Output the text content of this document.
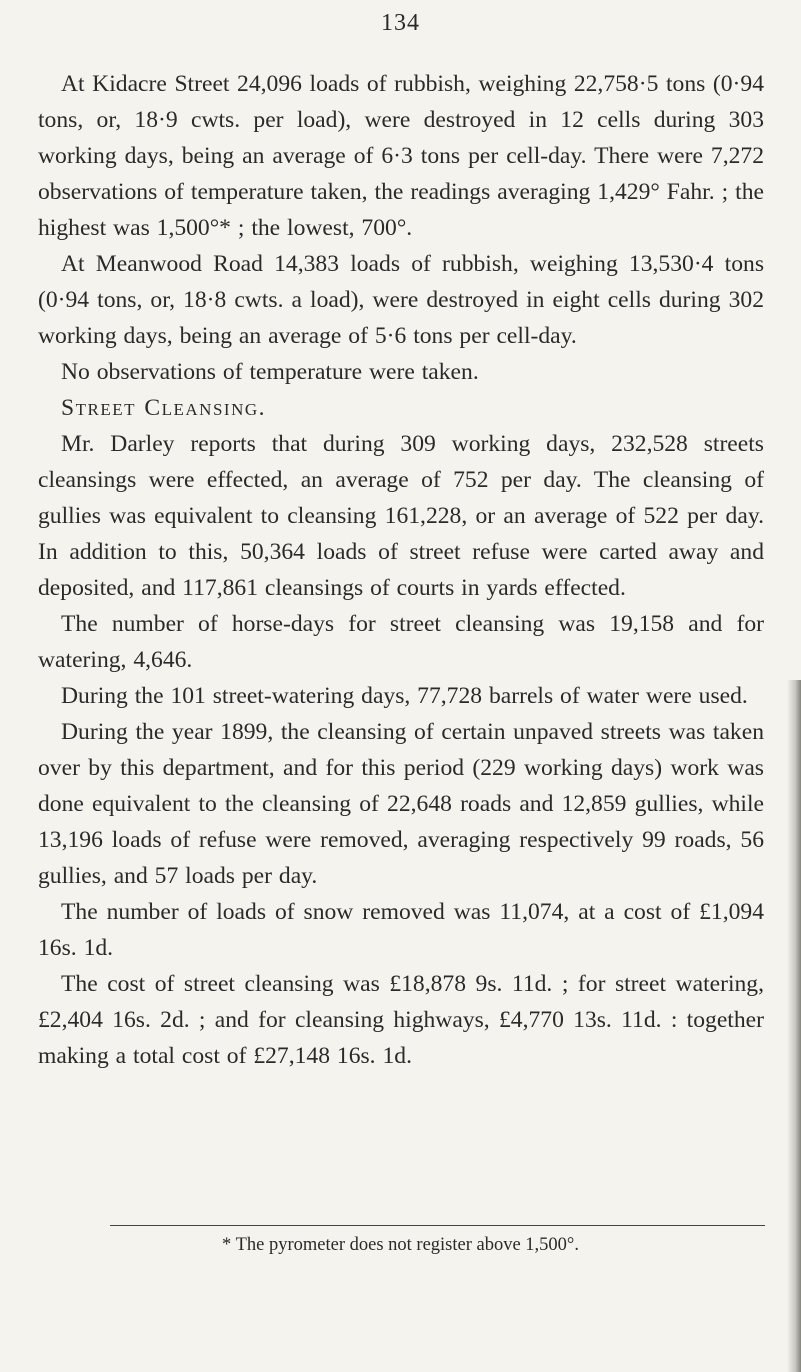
134

At Kidacre Street 24,096 loads of rubbish, weighing 22,758·5 tons (0·94 tons, or, 18·9 cwts. per load), were destroyed in 12 cells during 303 working days, being an average of 6·3 tons per cell-day. There were 7,272 observations of temperature taken, the readings averaging 1,429° Fahr. ; the highest was 1,500°* ; the lowest, 700°.

At Meanwood Road 14,383 loads of rubbish, weighing 13,530·4 tons (0·94 tons, or, 18·8 cwts. a load), were destroyed in eight cells during 302 working days, being an average of 5·6 tons per cell-day.

No observations of temperature were taken.

Street Cleansing.

Mr. Darley reports that during 309 working days, 232,528 streets cleansings were effected, an average of 752 per day. The cleansing of gullies was equivalent to cleansing 161,228, or an average of 522 per day. In addition to this, 50,364 loads of street refuse were carted away and deposited, and 117,861 cleansings of courts in yards effected.

The number of horse-days for street cleansing was 19,158 and for watering, 4,646.

During the 101 street-watering days, 77,728 barrels of water were used.

During the year 1899, the cleansing of certain unpaved streets was taken over by this department, and for this period (229 working days) work was done equivalent to the cleansing of 22,648 roads and 12,859 gullies, while 13,196 loads of refuse were removed, averaging respectively 99 roads, 56 gullies, and 57 loads per day.

The number of loads of snow removed was 11,074, at a cost of £1,094 16s. 1d.

The cost of street cleansing was £18,878 9s. 11d. ; for street watering, £2,404 16s. 2d. ; and for cleansing highways, £4,770 13s. 11d. : together making a total cost of £27,148 16s. 1d.

* The pyrometer does not register above 1,500°.
